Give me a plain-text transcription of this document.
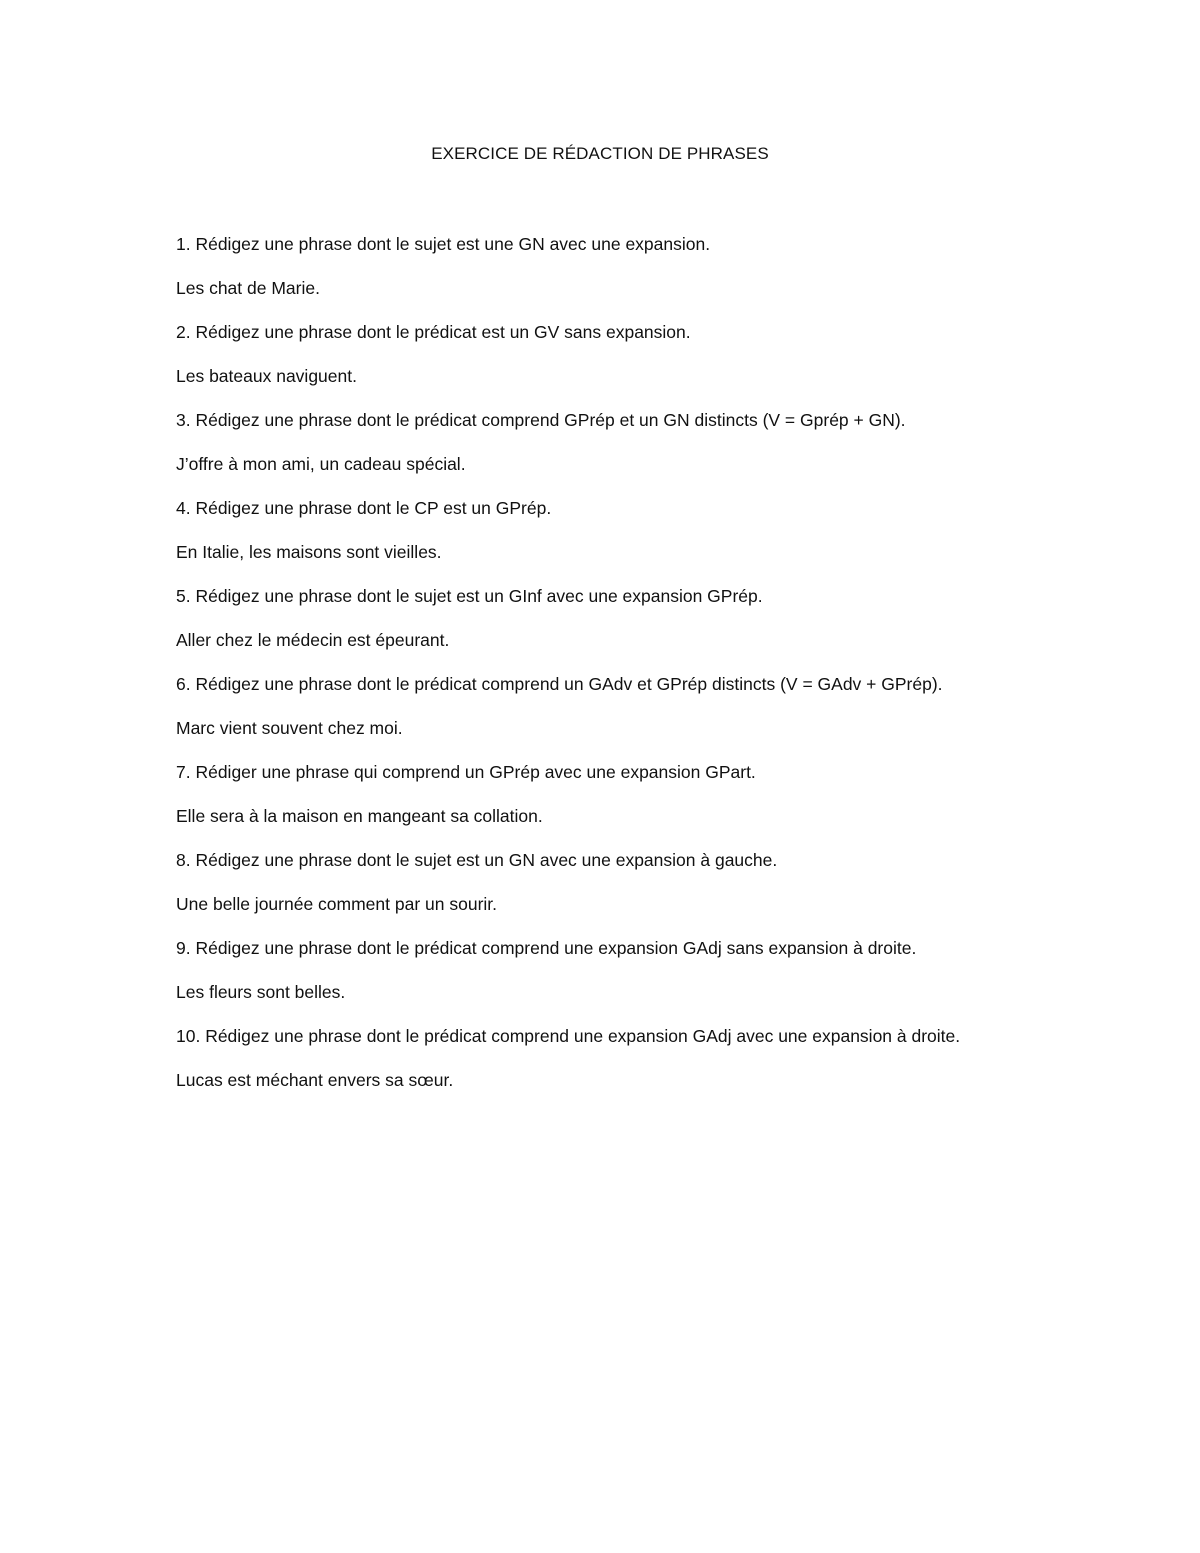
EXERCICE DE RÉDACTION DE PHRASES

1. Rédigez une phrase dont le sujet est une GN avec une expansion.

Les chat de Marie.

2. Rédigez une phrase dont le prédicat est un GV sans expansion.

Les bateaux naviguent.

3. Rédigez une phrase dont le prédicat comprend GPrép et un GN distincts (V = Gprép + GN).

J’offre à mon ami, un cadeau spécial.

4. Rédigez une phrase dont le CP est un GPrép.

En Italie, les maisons sont vieilles.

5. Rédigez une phrase dont le sujet est un GInf avec une expansion GPrép.

Aller chez le médecin est épeurant.

6. Rédigez une phrase dont le prédicat comprend un GAdv et GPrép distincts (V = GAdv + GPrép).

Marc vient souvent chez moi.

7. Rédiger une phrase qui comprend un GPrép avec une expansion GPart.

Elle sera à la maison en mangeant sa collation.

8. Rédigez une phrase dont le sujet est un GN avec une expansion à gauche.

Une belle journée comment par un sourir.

9. Rédigez une phrase dont le prédicat comprend une expansion GAdj sans expansion à droite.

Les fleurs sont belles.

10. Rédigez une phrase dont le prédicat comprend une expansion GAdj avec une expansion à droite.

Lucas est méchant envers sa sœur.
